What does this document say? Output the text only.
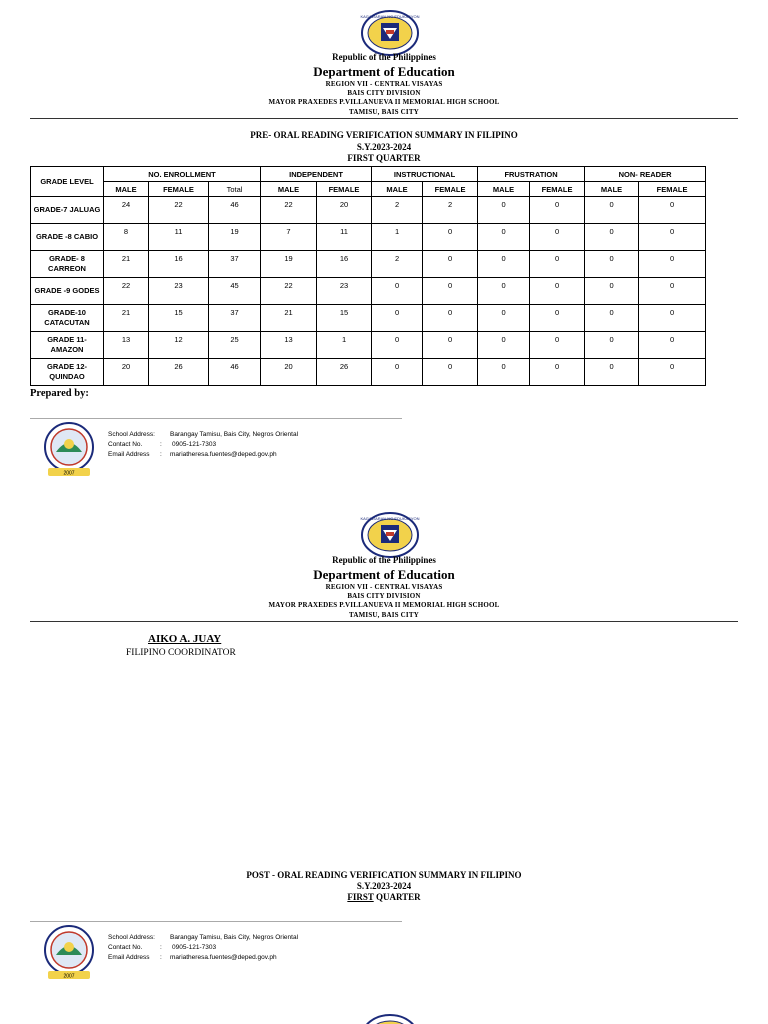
KAGAWARAN NG EDUKASYON
Republic of the Philippines
Department of Education
REGION VII - CENTRAL VISAYAS
BAIS CITY DIVISION
MAYOR PRAXEDES P.VILLANUEVA II MEMORIAL HIGH SCHOOL
TAMISU, BAIS CITY
PRE- ORAL READING VERIFICATION SUMMARY IN FILIPINO
S.Y.2023-2024
FIRST QUARTER
GRADE LEVEL	NO. ENROLLMENT			INDEPENDENT		INSTRUCTIONAL		FRUSTRATION		NON- READER	
	MALE	FEMALE	Total	MALE	FEMALE	MALE	FEMALE	MALE	FEMALE	MALE	FEMALE
GRADE-7 JALUAG	24	22	46	22	20	2	2	0	0	0	0
GRADE -8 CABIO	8	11	19	7	11	1	0	0	0	0	0
GRADE- 8 CARREON	21	16	37	19	16	2	0	0	0	0	0
GRADE -9 GODES	22	23	45	22	23	0	0	0	0	0	0
GRADE-10 CATACUTAN	21	15	37	21	15	0	0	0	0	0	0
GRADE 11- AMAZON	13	12	25	13	1	0	0	0	0	0	0
GRADE 12- QUINDAO	20	26	46	20	26	0	0	0	0	0	0
Prepared by:
2007
School Address: Barangay Tamisu, Bais City, Negros Oriental
Contact No.	: 0905-121-7303
Email Address : mariatheresa.fuentes@deped.gov.ph
KAGAWARAN NG EDUKASYON
Republic of the Philippines
Department of Education
REGION VII - CENTRAL VISAYAS
BAIS CITY DIVISION
MAYOR PRAXEDES P.VILLANUEVA II MEMORIAL HIGH SCHOOL
TAMISU, BAIS CITY
AIKO A. JUAY
FILIPINO COORDINATOR
POST - ORAL READING VERIFICATION SUMMARY IN FILIPINO
S.Y.2023-2024
FIRST QUARTER
2007
School Address: Barangay Tamisu, Bais City, Negros Oriental
Contact No.	: 0905-121-7303
Email Address : mariatheresa.fuentes@deped.gov.ph
